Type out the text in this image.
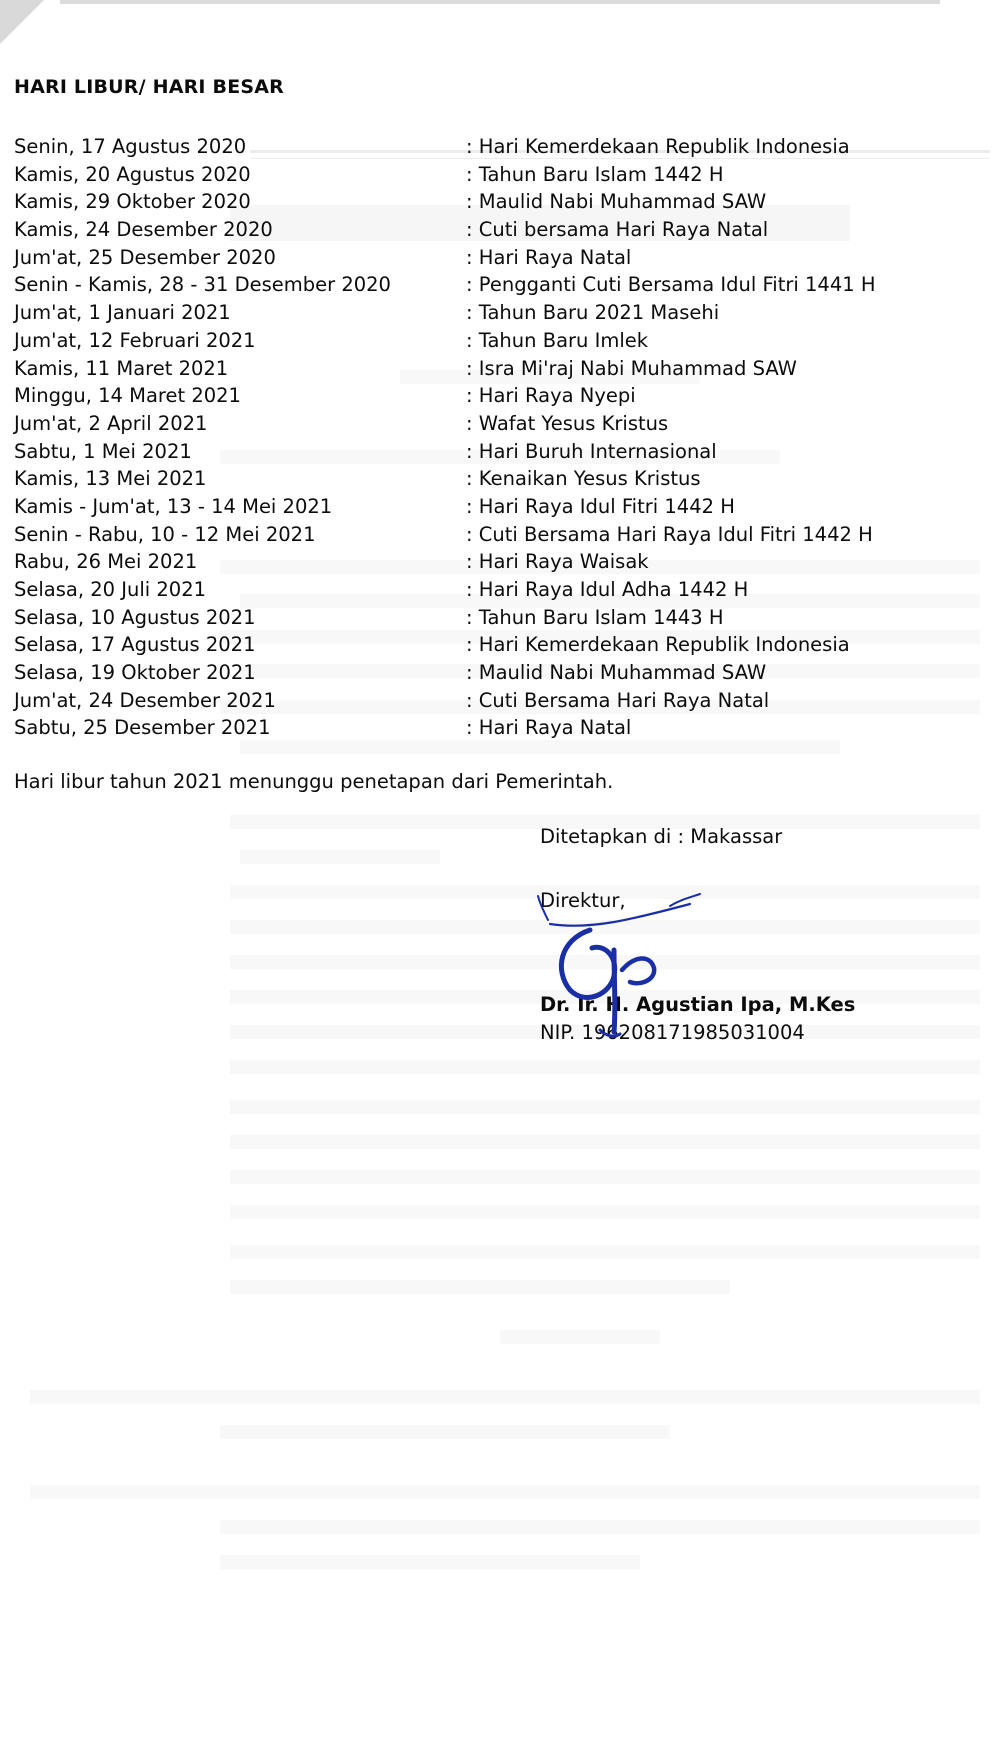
HARI LIBUR/ HARI BESAR
Senin, 17 Agustus 2020	: Hari Kemerdekaan Republik Indonesia
Kamis, 20 Agustus 2020	: Tahun Baru Islam 1442 H
Kamis, 29 Oktober 2020	: Maulid Nabi Muhammad SAW
Kamis, 24 Desember 2020	: Cuti bersama Hari Raya Natal
Jum'at, 25 Desember 2020	: Hari Raya Natal
Senin - Kamis, 28 - 31 Desember 2020	: Pengganti Cuti Bersama Idul Fitri 1441 H
Jum'at, 1 Januari 2021	: Tahun Baru 2021 Masehi
Jum'at, 12 Februari 2021	: Tahun Baru Imlek
Kamis, 11 Maret 2021	: Isra Mi'raj Nabi Muhammad SAW
Minggu, 14 Maret 2021	: Hari Raya Nyepi
Jum'at, 2 April 2021	: Wafat Yesus Kristus
Sabtu, 1 Mei 2021	: Hari Buruh Internasional
Kamis, 13 Mei 2021	: Kenaikan Yesus Kristus
Kamis - Jum'at, 13 - 14 Mei 2021	: Hari Raya Idul Fitri 1442 H
Senin - Rabu, 10 - 12 Mei 2021	: Cuti Bersama Hari Raya Idul Fitri 1442 H
Rabu, 26 Mei 2021	: Hari Raya Waisak
Selasa, 20 Juli 2021	: Hari Raya Idul Adha 1442 H
Selasa, 10 Agustus 2021	: Tahun Baru Islam 1443 H
Selasa, 17 Agustus 2021	: Hari Kemerdekaan Republik Indonesia
Selasa, 19 Oktober 2021	: Maulid Nabi Muhammad SAW
Jum'at, 24 Desember 2021	: Cuti Bersama Hari Raya Natal
Sabtu, 25 Desember 2021	: Hari Raya Natal
Hari libur tahun 2021 menunggu penetapan dari Pemerintah.
Ditetapkan di : Makassar
Direktur,
Dr. Ir. H. Agustian Ipa, M.Kes
NIP. 196208171985031004
